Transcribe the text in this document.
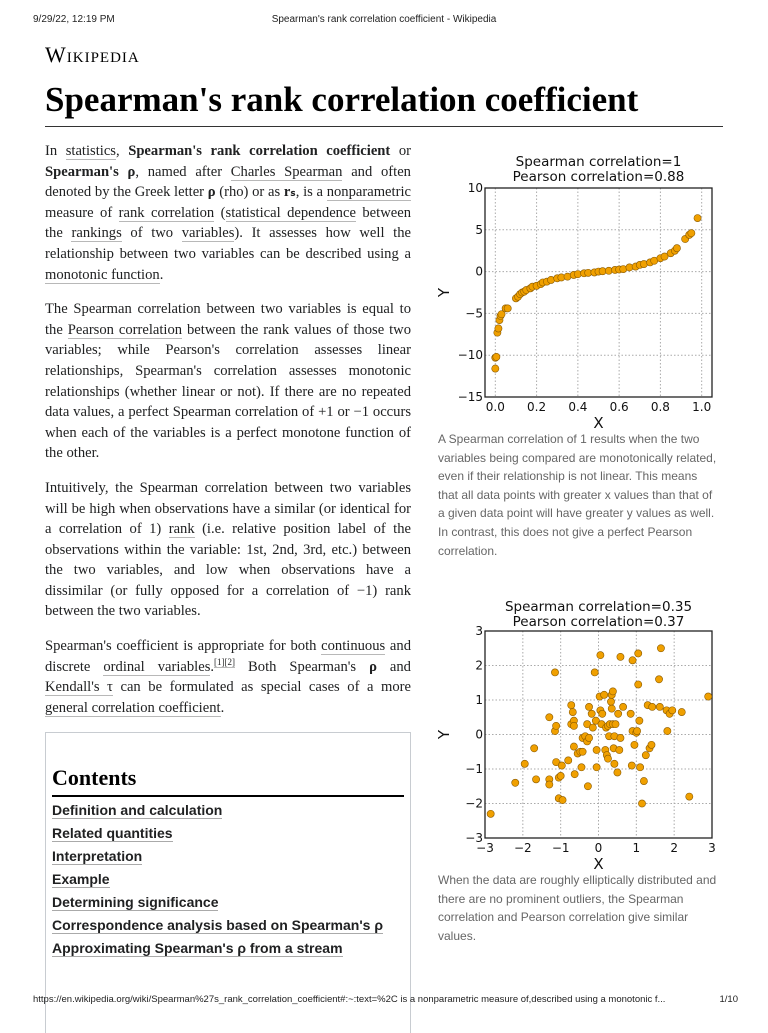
9/29/22, 12:19 PM	Spearman's rank correlation coefficient - Wikipedia
Wikipedia
Spearman's rank correlation coefficient

In statistics, Spearman's rank correlation coefficient or Spearman's ρ, named after Charles Spearman and often denoted by the Greek letter ρ (rho) or as rₛ, is a nonparametric measure of rank correlation (statistical dependence between the rankings of two variables). It assesses how well the relationship between two variables can be described using a monotonic function.

The Spearman correlation between two variables is equal to the Pearson correlation between the rank values of those two variables; while Pearson's correlation assesses linear relationships, Spearman's correlation assesses monotonic relationships (whether linear or not). If there are no repeated data values, a perfect Spearman correlation of +1 or −1 occurs when each of the variables is a perfect monotone function of the other.

Intuitively, the Spearman correlation between two variables will be high when observations have a similar (or identical for a correlation of 1) rank (i.e. relative position label of the observations within the variable: 1st, 2nd, 3rd, etc.) between the two variables, and low when observations have a dissimilar (or fully opposed for a correlation of −1) rank between the two variables.

Spearman's coefficient is appropriate for both continuous and discrete ordinal variables.[1][2] Both Spearman's ρ and Kendall's τ can be formulated as special cases of a more general correlation coefficient.

Contents
Definition and calculation
Related quantities
Interpretation
Example
Determining significance
Correspondence analysis based on Spearman's ρ
Approximating Spearman's ρ from a stream
Spearman correlation=1
Pearson correlation=0.88
0.0 0.2 0.4 0.6 0.8 1.0
−15
−10
−5
0
5
10
X
Y
A Spearman correlation of 1 results when the two variables being compared are monotonically related, even if their relationship is not linear. This means that all data points with greater x values than that of a given data point will have greater y values as well. In contrast, this does not give a perfect Pearson correlation.
Spearman correlation=0.35
Pearson correlation=0.37
−3 −2 −1 0	1	2	3
−3
−2
−1
0
1
2
3
X
Y
When the data are roughly elliptically distributed and there are no prominent outliers, the Spearman correlation and Pearson correlation give similar values.
https://en.wikipedia.org/wiki/Spearman%27s_rank_correlation_coefficient#:~:text=%2C is a nonparametric measure of,described using a monotonic f...	1/10
